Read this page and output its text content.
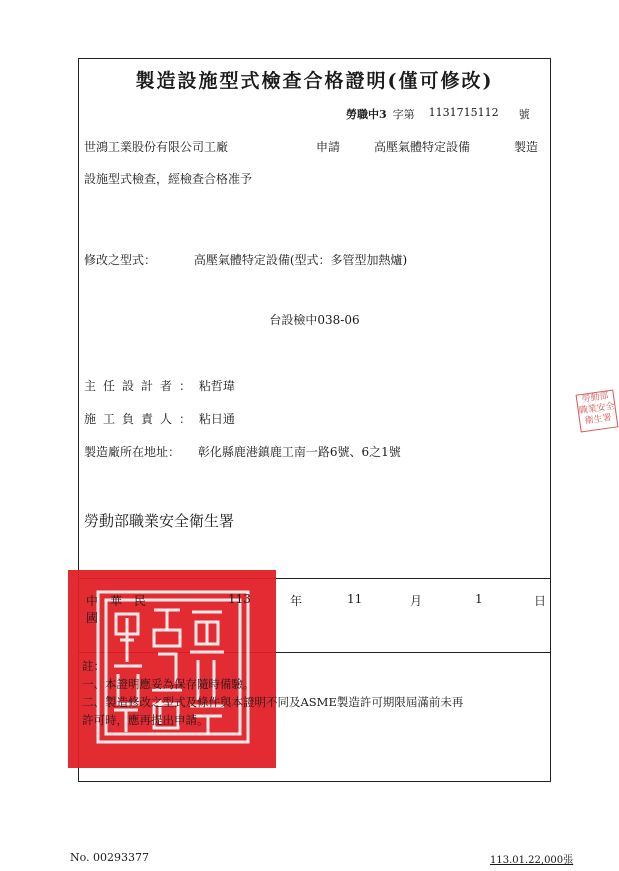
製造設施型式檢查合格證明(僅可修改)
勞職中3 字第 1131715112 號
世鴻工業股份有限公司工廠	申請	高壓氣體特定設備	製造
設施型式檢查，經檢查合格准予
修改之型式：	高壓氣體特定設備(型式：多管型加熱爐)
台設檢中038-06
主任設計者： 粘哲瑋
施工負責人： 粘日通
製造廠所在地址： 彰化縣鹿港鎮鹿工南一路6號、6之1號
勞動部職業安全衛生署
中華民國
113	年	11	月	1	日
註：
一、本證明應妥為保存隨時備驗。
二、製造修改之型式及條件與本證明不同及ASME製造許可期限屆滿前未再
許可時，應再提出申請。
勞動部 職業安全衛生署
No. 00293377	113.01.22,000張
